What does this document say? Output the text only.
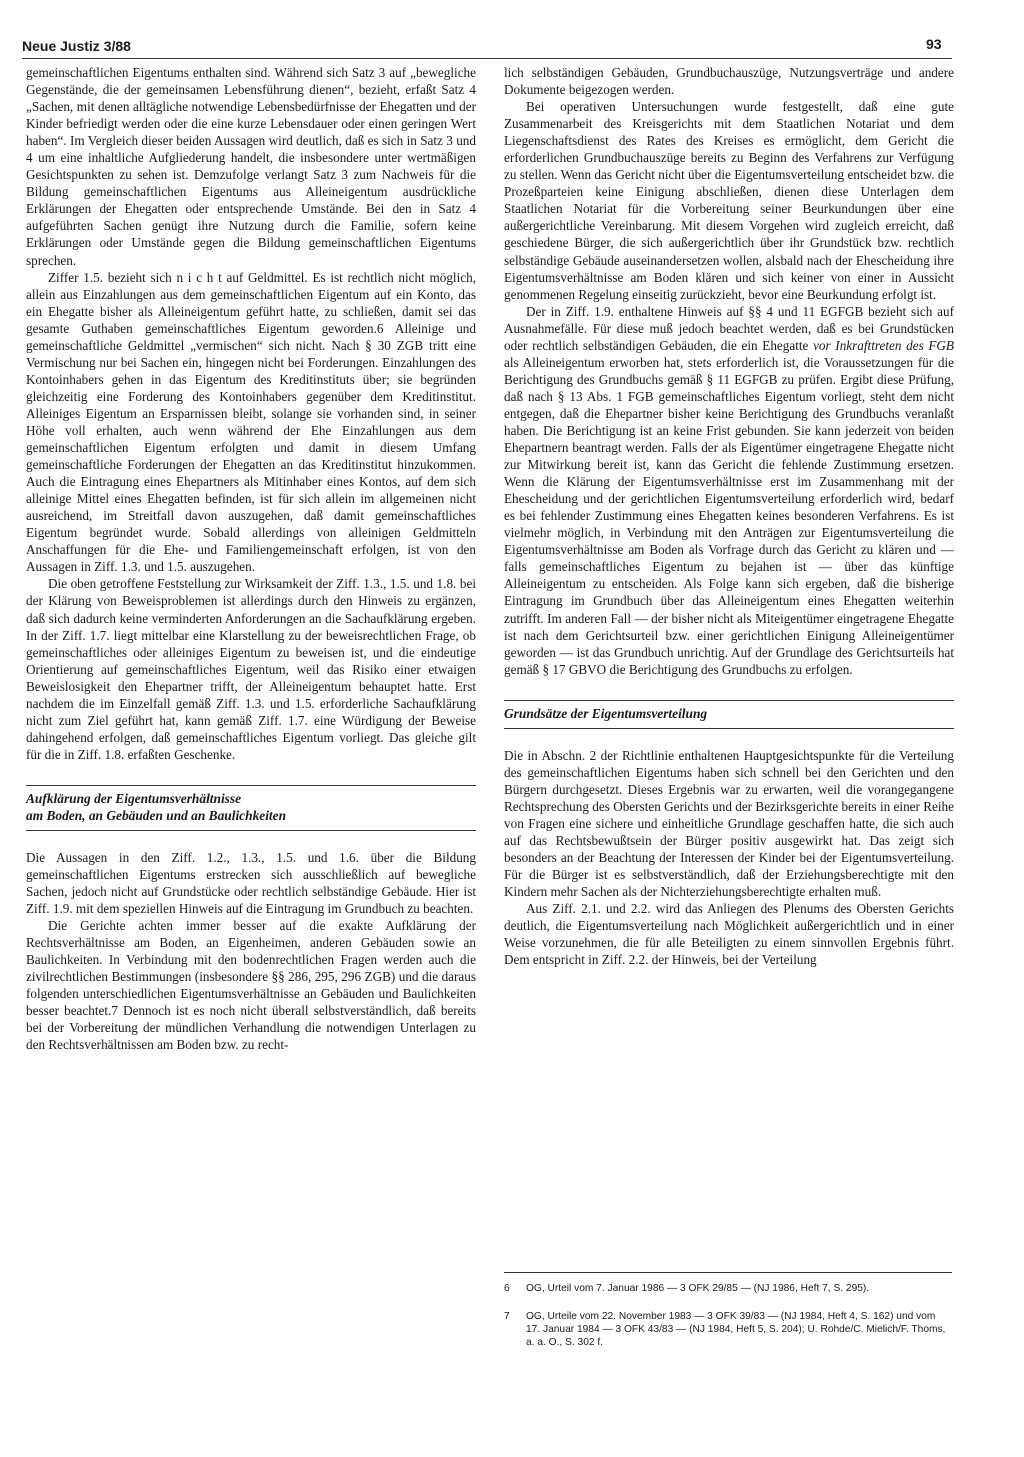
Neue Justiz 3/88	93

gemeinschaftlichen Eigentums enthalten sind. Während sich Satz 3 auf „bewegliche Gegenstände, die der gemeinsamen Lebensführung dienen“, bezieht, erfaßt Satz 4 „Sachen, mit denen alltägliche notwendige Lebensbedürfnisse der Ehegatten und der Kinder befriedigt werden oder die eine kurze Lebensdauer oder einen geringen Wert haben“. Im Vergleich dieser beiden Aussagen wird deutlich, daß es sich in Satz 3 und 4 um eine inhaltliche Aufgliederung handelt, die insbesondere unter wertmäßigen Gesichtspunkten zu sehen ist. Demzufolge verlangt Satz 3 zum Nachweis für die Bildung gemeinschaftlichen Eigentums aus Alleineigentum ausdrückliche Erklärungen der Ehegatten oder entsprechende Umstände. Bei den in Satz 4 aufgeführten Sachen genügt ihre Nutzung durch die Familie, sofern keine Erklärungen oder Umstände gegen die Bildung gemeinschaftlichen Eigentums sprechen.

Ziffer 1.5. bezieht sich n i c h t auf Geldmittel. Es ist rechtlich nicht möglich, allein aus Einzahlungen aus dem gemeinschaftlichen Eigentum auf ein Konto, das ein Ehegatte bisher als Alleineigentum geführt hatte, zu schließen, damit sei das gesamte Guthaben gemeinschaftliches Eigentum geworden.6 Alleinige und gemeinschaftliche Geldmittel „vermischen“ sich nicht. Nach § 30 ZGB tritt eine Vermischung nur bei Sachen ein, hingegen nicht bei Forderungen. Einzahlungen des Kontoinhabers gehen in das Eigentum des Kreditinstituts über; sie begründen gleichzeitig eine Forderung des Kontoinhabers gegenüber dem Kreditinstitut. Alleiniges Eigentum an Ersparnissen bleibt, solange sie vorhanden sind, in seiner Höhe voll erhalten, auch wenn während der Ehe Einzahlungen aus dem gemeinschaftlichen Eigentum erfolgten und damit in diesem Umfang gemeinschaftliche Forderungen der Ehegatten an das Kreditinstitut hinzukommen. Auch die Eintragung eines Ehepartners als Mitinhaber eines Kontos, auf dem sich alleinige Mittel eines Ehegatten befinden, ist für sich allein im allgemeinen nicht ausreichend, im Streitfall davon auszugehen, daß damit gemeinschaftliches Eigentum begründet wurde. Sobald allerdings von alleinigen Geldmitteln Anschaffungen für die Ehe- und Familiengemeinschaft erfolgen, ist von den Aussagen in Ziff. 1.3. und 1.5. auszugehen.

Die oben getroffene Feststellung zur Wirksamkeit der Ziff. 1.3., 1.5. und 1.8. bei der Klärung von Beweisproblemen ist allerdings durch den Hinweis zu ergänzen, daß sich dadurch keine verminderten Anforderungen an die Sachaufklärung ergeben. In der Ziff. 1.7. liegt mittelbar eine Klarstellung zu der beweisrechtlichen Frage, ob gemeinschaftliches oder alleiniges Eigentum zu beweisen ist, und die eindeutige Orientierung auf gemeinschaftliches Eigentum, weil das Risiko einer etwaigen Beweislosigkeit den Ehepartner trifft, der Alleineigentum behauptet hatte. Erst nachdem die im Einzelfall gemäß Ziff. 1.3. und 1.5. erforderliche Sachaufklärung nicht zum Ziel geführt hat, kann gemäß Ziff. 1.7. eine Würdigung der Beweise dahingehend erfolgen, daß gemeinschaftliches Eigentum vorliegt. Das gleiche gilt für die in Ziff. 1.8. erfaßten Geschenke.

Aufklärung der Eigentumsverhältnisse
am Boden, an Gebäuden und an Baulichkeiten

Die Aussagen in den Ziff. 1.2., 1.3., 1.5. und 1.6. über die Bildung gemeinschaftlichen Eigentums erstrecken sich ausschließlich auf bewegliche Sachen, jedoch nicht auf Grundstücke oder rechtlich selbständige Gebäude. Hier ist Ziff. 1.9. mit dem speziellen Hinweis auf die Eintragung im Grundbuch zu beachten.

Die Gerichte achten immer besser auf die exakte Aufklärung der Rechtsverhältnisse am Boden, an Eigenheimen, anderen Gebäuden sowie an Baulichkeiten. In Verbindung mit den bodenrechtlichen Fragen werden auch die zivilrechtlichen Bestimmungen (insbesondere §§ 286, 295, 296 ZGB) und die daraus folgenden unterschiedlichen Eigentumsverhältnisse an Gebäuden und Baulichkeiten besser beachtet.7 Dennoch ist es noch nicht überall selbstverständlich, daß bereits bei der Vorbereitung der mündlichen Verhandlung die notwendigen Unterlagen zu den Rechtsverhältnissen am Boden bzw. zu recht-

lich selbständigen Gebäuden, Grundbuchauszüge, Nutzungsverträge und andere Dokumente beigezogen werden.

Bei operativen Untersuchungen wurde festgestellt, daß eine gute Zusammenarbeit des Kreisgerichts mit dem Staatlichen Notariat und dem Liegenschaftsdienst des Rates des Kreises es ermöglicht, dem Gericht die erforderlichen Grundbuchauszüge bereits zu Beginn des Verfahrens zur Verfügung zu stellen. Wenn das Gericht nicht über die Eigentumsverteilung entscheidet bzw. die Prozeßparteien keine Einigung abschließen, dienen diese Unterlagen dem Staatlichen Notariat für die Vorbereitung seiner Beurkundungen über eine außergerichtliche Vereinbarung. Mit diesem Vorgehen wird zugleich erreicht, daß geschiedene Bürger, die sich außergerichtlich über ihr Grundstück bzw. rechtlich selbständige Gebäude auseinandersetzen wollen, alsbald nach der Ehescheidung ihre Eigentumsverhältnisse am Boden klären und sich keiner von einer in Aussicht genommenen Regelung einseitig zurückzieht, bevor eine Beurkundung erfolgt ist.

Der in Ziff. 1.9. enthaltene Hinweis auf §§ 4 und 11 EGFGB bezieht sich auf Ausnahmefälle. Für diese muß jedoch beachtet werden, daß es bei Grundstücken oder rechtlich selbständigen Gebäuden, die ein Ehegatte vor Inkrafttreten des FGB als Alleineigentum erworben hat, stets erforderlich ist, die Voraussetzungen für die Berichtigung des Grundbuchs gemäß § 11 EGFGB zu prüfen. Ergibt diese Prüfung, daß nach § 13 Abs. 1 FGB gemeinschaftliches Eigentum vorliegt, steht dem nicht entgegen, daß die Ehepartner bisher keine Berichtigung des Grundbuchs veranlaßt haben. Die Berichtigung ist an keine Frist gebunden. Sie kann jederzeit von beiden Ehepartnern beantragt werden. Falls der als Eigentümer eingetragene Ehegatte nicht zur Mitwirkung bereit ist, kann das Gericht die fehlende Zustimmung ersetzen. Wenn die Klärung der Eigentumsverhältnisse erst im Zusammenhang mit der Ehescheidung und der gerichtlichen Eigentumsverteilung erforderlich wird, bedarf es bei fehlender Zustimmung eines Ehegatten keines besonderen Verfahrens. Es ist vielmehr möglich, in Verbindung mit den Anträgen zur Eigentumsverteilung die Eigentumsverhältnisse am Boden als Vorfrage durch das Gericht zu klären und — falls gemeinschaftliches Eigentum zu bejahen ist — über das künftige Alleineigentum zu entscheiden. Als Folge kann sich ergeben, daß die bisherige Eintragung im Grundbuch über das Alleineigentum eines Ehegatten weiterhin zutrifft. Im anderen Fall — der bisher nicht als Miteigentümer eingetragene Ehegatte ist nach dem Gerichtsurteil bzw. einer gerichtlichen Einigung Alleineigentümer geworden — ist das Grundbuch unrichtig. Auf der Grundlage des Gerichtsurteils hat gemäß § 17 GBVO die Berichtigung des Grundbuchs zu erfolgen.

Grundsätze der Eigentumsverteilung

Die in Abschn. 2 der Richtlinie enthaltenen Hauptgesichtspunkte für die Verteilung des gemeinschaftlichen Eigentums haben sich schnell bei den Gerichten und den Bürgern durchgesetzt. Dieses Ergebnis war zu erwarten, weil die vorangegangene Rechtsprechung des Obersten Gerichts und der Bezirksgerichte bereits in einer Reihe von Fragen eine sichere und einheitliche Grundlage geschaffen hatte, die sich auch auf das Rechtsbewußtsein der Bürger positiv ausgewirkt hat. Das zeigt sich besonders an der Beachtung der Interessen der Kinder bei der Eigentumsverteilung. Für die Bürger ist es selbstverständlich, daß der Erziehungsberechtigte mit den Kindern mehr Sachen als der Nichterziehungsberechtigte erhalten muß.

Aus Ziff. 2.1. und 2.2. wird das Anliegen des Plenums des Obersten Gerichts deutlich, die Eigentumsverteilung nach Möglichkeit außergerichtlich und in einer Weise vorzunehmen, die für alle Beteiligten zu einem sinnvollen Ergebnis führt. Dem entspricht in Ziff. 2.2. der Hinweis, bei der Verteilung

6 OG, Urteil vom 7. Januar 1986 — 3 OFK 29/85 — (NJ 1986, Heft 7, S. 295).
7 OG, Urteile vom 22. November 1983 — 3 OFK 39/83 — (NJ 1984, Heft 4, S. 162) und vom 17. Januar 1984 — 3 OFK 43/83 — (NJ 1984, Heft 5, S. 204); U. Rohde/C. Mielich/F. Thoms, a. a. O., S. 302 f.
